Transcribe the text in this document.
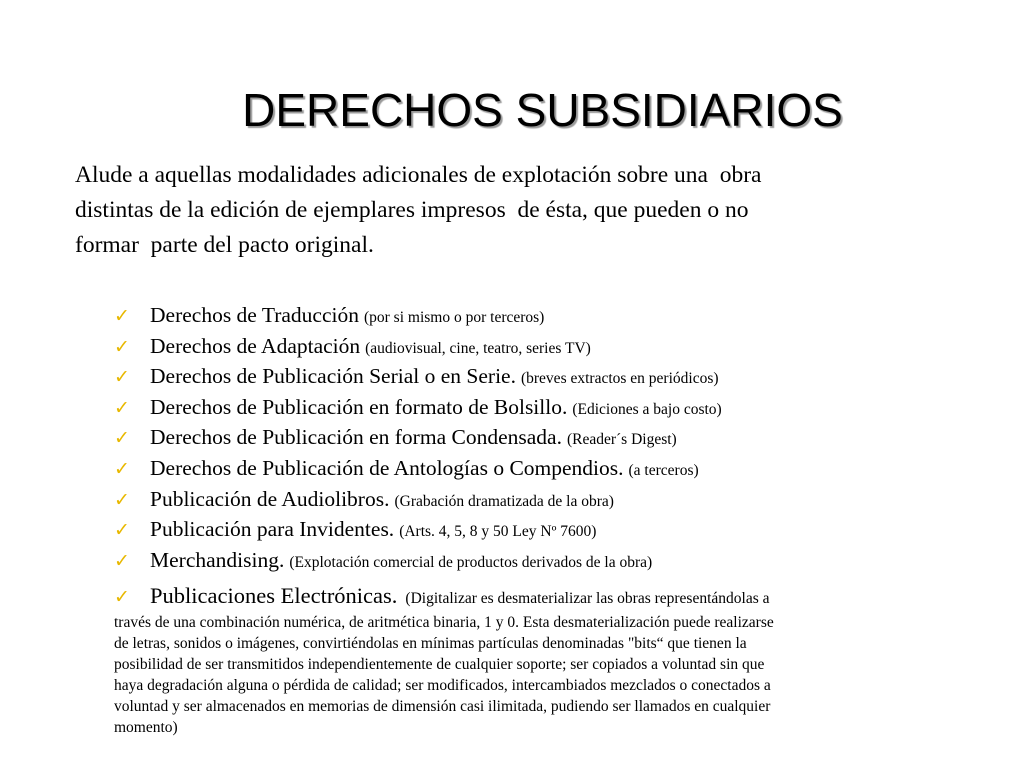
DERECHOS SUBSIDIARIOS

Alude a aquellas modalidades adicionales de explotación sobre una  obra
distintas de la edición de ejemplares impresos  de ésta, que pueden o no
formar  parte del pacto original.

✓ Derechos de Traducción (por si mismo o por terceros)
✓ Derechos de Adaptación (audiovisual, cine, teatro, series TV)
✓ Derechos de Publicación Serial o en Serie. (breves extractos en periódicos)
✓ Derechos de Publicación en formato de Bolsillo. (Ediciones a bajo costo)
✓ Derechos de Publicación en forma Condensada. (Reader´s Digest)
✓ Derechos de Publicación de Antologías o Compendios. (a terceros)
✓ Publicación de Audiolibros. (Grabación dramatizada de la obra)
✓ Publicación para Invidentes. (Arts. 4, 5, 8 y 50 Ley Nº 7600)
✓ Merchandising. (Explotación comercial de productos derivados de la obra)
✓ Publicaciones Electrónicas. (Digitalizar es desmaterializar las obras representándolas a

través de una combinación numérica, de aritmética binaria, 1 y 0. Esta desmaterialización puede realizarse
de letras, sonidos o imágenes, convirtiéndolas en mínimas partículas denominadas "bits“ que tienen la
posibilidad de ser transmitidos independientemente de cualquier soporte; ser copiados a voluntad sin que
haya degradación alguna o pérdida de calidad; ser modificados, intercambiados mezclados o conectados a
voluntad y ser almacenados en memorias de dimensión casi ilimitada, pudiendo ser llamados en cualquier
momento)
